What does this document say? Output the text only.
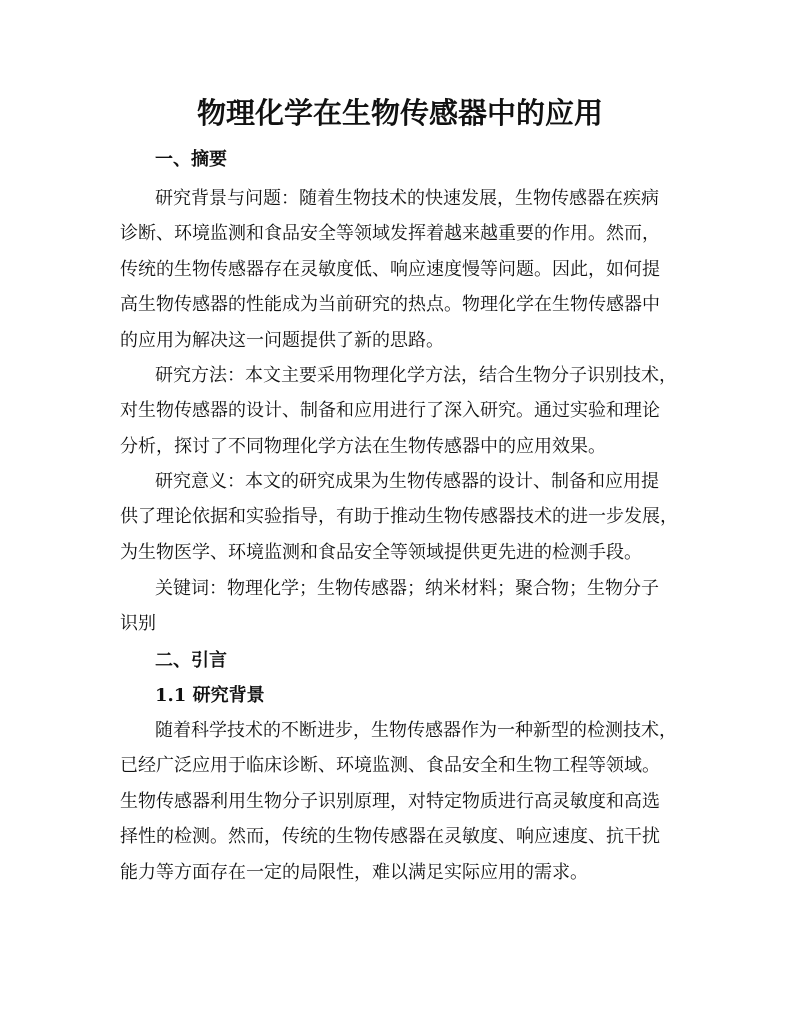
物理化学在生物传感器中的应用
一、摘要
研究背景与问题：随着生物技术的快速发展，生物传感器在疾病
诊断、环境监测和食品安全等领域发挥着越来越重要的作用。然而，
传统的生物传感器存在灵敏度低、响应速度慢等问题。因此，如何提
高生物传感器的性能成为当前研究的热点。物理化学在生物传感器中
的应用为解决这一问题提供了新的思路。
研究方法：本文主要采用物理化学方法，结合生物分子识别技术，
对生物传感器的设计、制备和应用进行了深入研究。通过实验和理论
分析，探讨了不同物理化学方法在生物传感器中的应用效果。
研究意义：本文的研究成果为生物传感器的设计、制备和应用提
供了理论依据和实验指导，有助于推动生物传感器技术的进一步发展，
为生物医学、环境监测和食品安全等领域提供更先进的检测手段。
关键词：物理化学；生物传感器；纳米材料；聚合物；生物分子
识别
二、引言
1.1 研究背景
随着科学技术的不断进步，生物传感器作为一种新型的检测技术，
已经广泛应用于临床诊断、环境监测、食品安全和生物工程等领域。
生物传感器利用生物分子识别原理，对特定物质进行高灵敏度和高选
择性的检测。然而，传统的生物传感器在灵敏度、响应速度、抗干扰
能力等方面存在一定的局限性，难以满足实际应用的需求。
